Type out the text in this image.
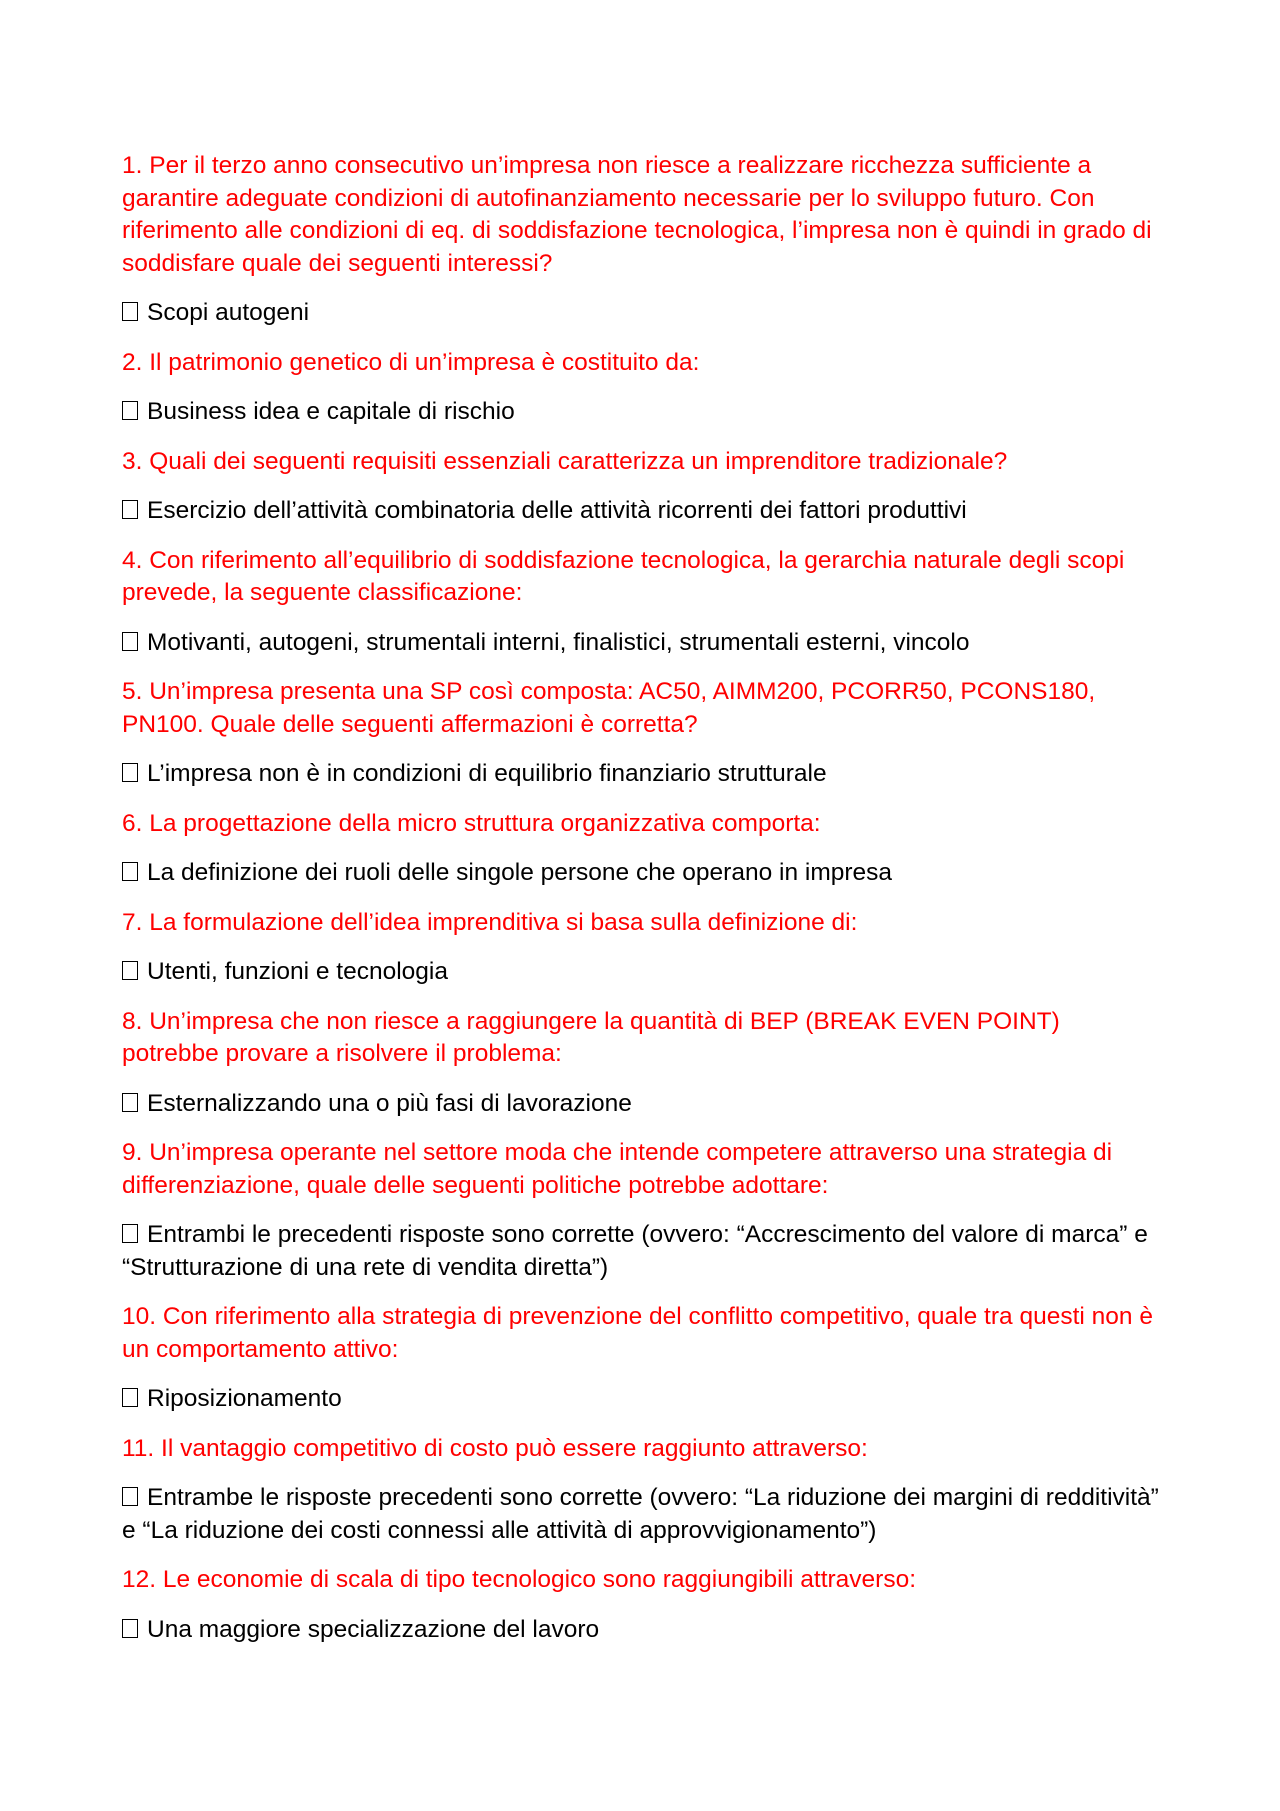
1. Per il terzo anno consecutivo un’impresa non riesce a realizzare ricchezza sufficiente a garantire adeguate condizioni di autofinanziamento necessarie per lo sviluppo futuro. Con riferimento alle condizioni di eq. di soddisfazione tecnologica, l’impresa non è quindi in grado di soddisfare quale dei seguenti interessi?

Scopi autogeni

2. Il patrimonio genetico di un’impresa è costituito da:

Business idea e capitale di rischio

3. Quali dei seguenti requisiti essenziali caratterizza un imprenditore tradizionale?

Esercizio dell’attività combinatoria delle attività ricorrenti dei fattori produttivi

4. Con riferimento all’equilibrio di soddisfazione tecnologica, la gerarchia naturale degli scopi prevede, la seguente classificazione:

Motivanti, autogeni, strumentali interni, finalistici, strumentali esterni, vincolo

5. Un’impresa presenta una SP così composta: AC50, AIMM200, PCORR50, PCONS180, PN100. Quale delle seguenti affermazioni è corretta?

L’impresa non è in condizioni di equilibrio finanziario strutturale

6. La progettazione della micro struttura organizzativa comporta:

La definizione dei ruoli delle singole persone che operano in impresa

7. La formulazione dell’idea imprenditiva si basa sulla definizione di:

Utenti, funzioni e tecnologia

8. Un’impresa che non riesce a raggiungere la quantità di BEP (BREAK EVEN POINT) potrebbe provare a risolvere il problema:

Esternalizzando una o più fasi di lavorazione

9. Un’impresa operante nel settore moda che intende competere attraverso una strategia di differenziazione, quale delle seguenti politiche potrebbe adottare:

Entrambi le precedenti risposte sono corrette (ovvero: “Accrescimento del valore di marca” e “Strutturazione di una rete di vendita diretta”)

10. Con riferimento alla strategia di prevenzione del conflitto competitivo, quale tra questi non è un comportamento attivo:

Riposizionamento

11. Il vantaggio competitivo di costo può essere raggiunto attraverso:

Entrambe le risposte precedenti sono corrette (ovvero: “La riduzione dei margini di redditività” e “La riduzione dei costi connessi alle attività di approvvigionamento”)

12. Le economie di scala di tipo tecnologico sono raggiungibili attraverso:

Una maggiore specializzazione del lavoro
